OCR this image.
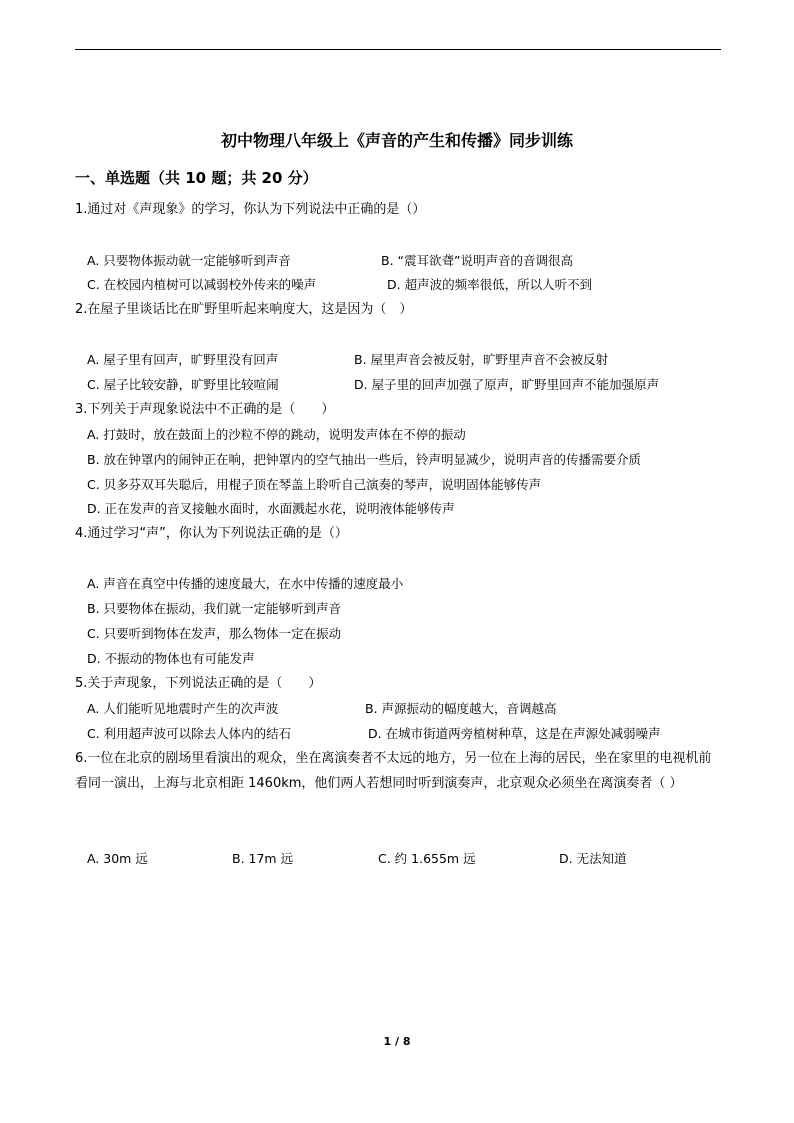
初中物理八年级上《声音的产生和传播》同步训练
一、单选题（共 10 题；共 20 分）
1.通过对《声现象》的学习，你认为下列说法中正确的是（）
A. 只要物体振动就一定能够听到声音	B. “震耳欲聋”说明声音的音调很高
C. 在校园内植树可以减弱校外传来的噪声	D. 超声波的频率很低，所以人听不到
2.在屋子里谈话比在旷野里听起来响度大，这是因为（　）
A. 屋子里有回声，旷野里没有回声	B. 屋里声音会被反射，旷野里声音不会被反射
C. 屋子比较安静，旷野里比较喧闹	D. 屋子里的回声加强了原声，旷野里回声不能加强原声
3.下列关于声现象说法中不正确的是（　　）
A. 打鼓时，放在鼓面上的沙粒不停的跳动，说明发声体在不停的振动
B. 放在钟罩内的闹钟正在响，把钟罩内的空气抽出一些后，铃声明显减少，说明声音的传播需要介质
C. 贝多芬双耳失聪后，用棍子顶在琴盖上聆听自己演奏的琴声，说明固体能够传声
D. 正在发声的音叉接触水面时，水面溅起水花，说明液体能够传声
4.通过学习“声”，你认为下列说法正确的是（）
A. 声音在真空中传播的速度最大，在水中传播的速度最小
B. 只要物体在振动，我们就一定能够听到声音
C. 只要听到物体在发声，那么物体一定在振动
D. 不振动的物体也有可能发声
5.关于声现象，下列说法正确的是（　　）
A. 人们能听见地震时产生的次声波	B. 声源振动的幅度越大，音调越高
C. 利用超声波可以除去人体内的结石	D. 在城市街道两旁植树种草，这是在声源处减弱噪声
6.一位在北京的剧场里看演出的观众，坐在离演奏者不太远的地方，另一位在上海的居民，坐在家里的电视机前看同一演出，上海与北京相距 1460km，他们两人若想同时听到演奏声，北京观众必须坐在离演奏者（ ）
A. 30m 远	B. 17m 远	C. 约 1.655m 远	D. 无法知道
1 / 8
